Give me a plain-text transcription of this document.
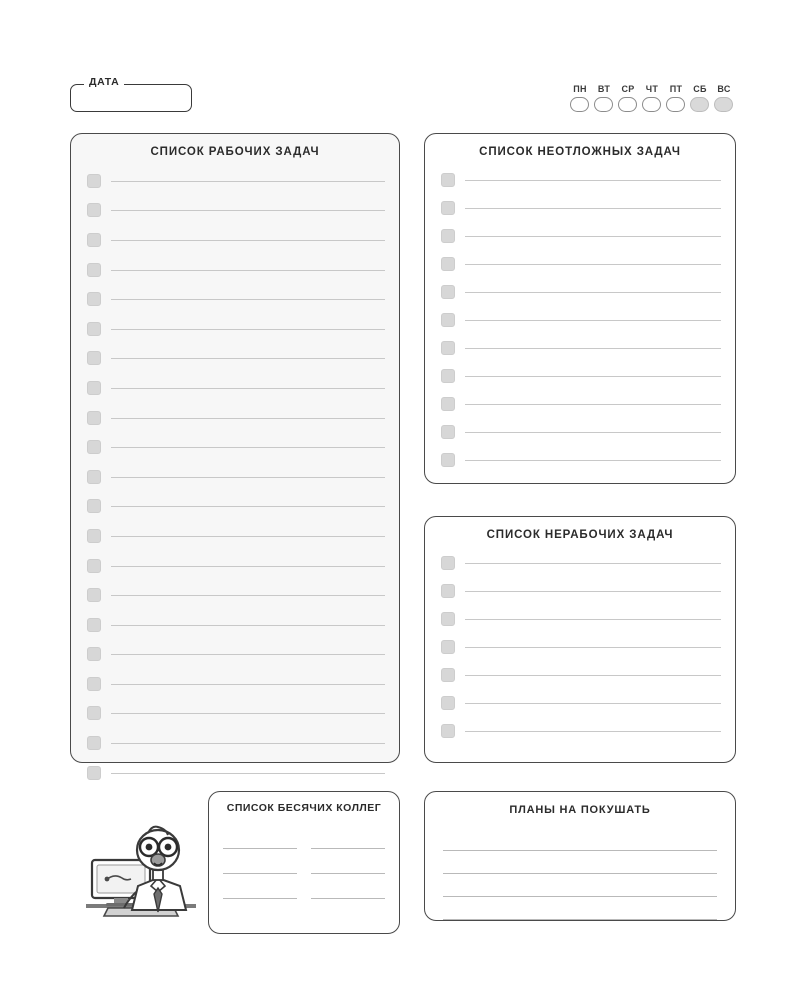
ДАТА
ПН	ВТ	СР	ЧТ	ПТ	СБ	ВС
СПИСОК РАБОЧИХ ЗАДАЧ	СПИСОК НЕОТЛОЖНЫХ ЗАДАЧ
СПИСОК НЕРАБОЧИХ ЗАДАЧ
СПИСОК БЕСЯЧИХ КОЛЛЕГ	ПЛАНЫ НА ПОКУШАТЬ
